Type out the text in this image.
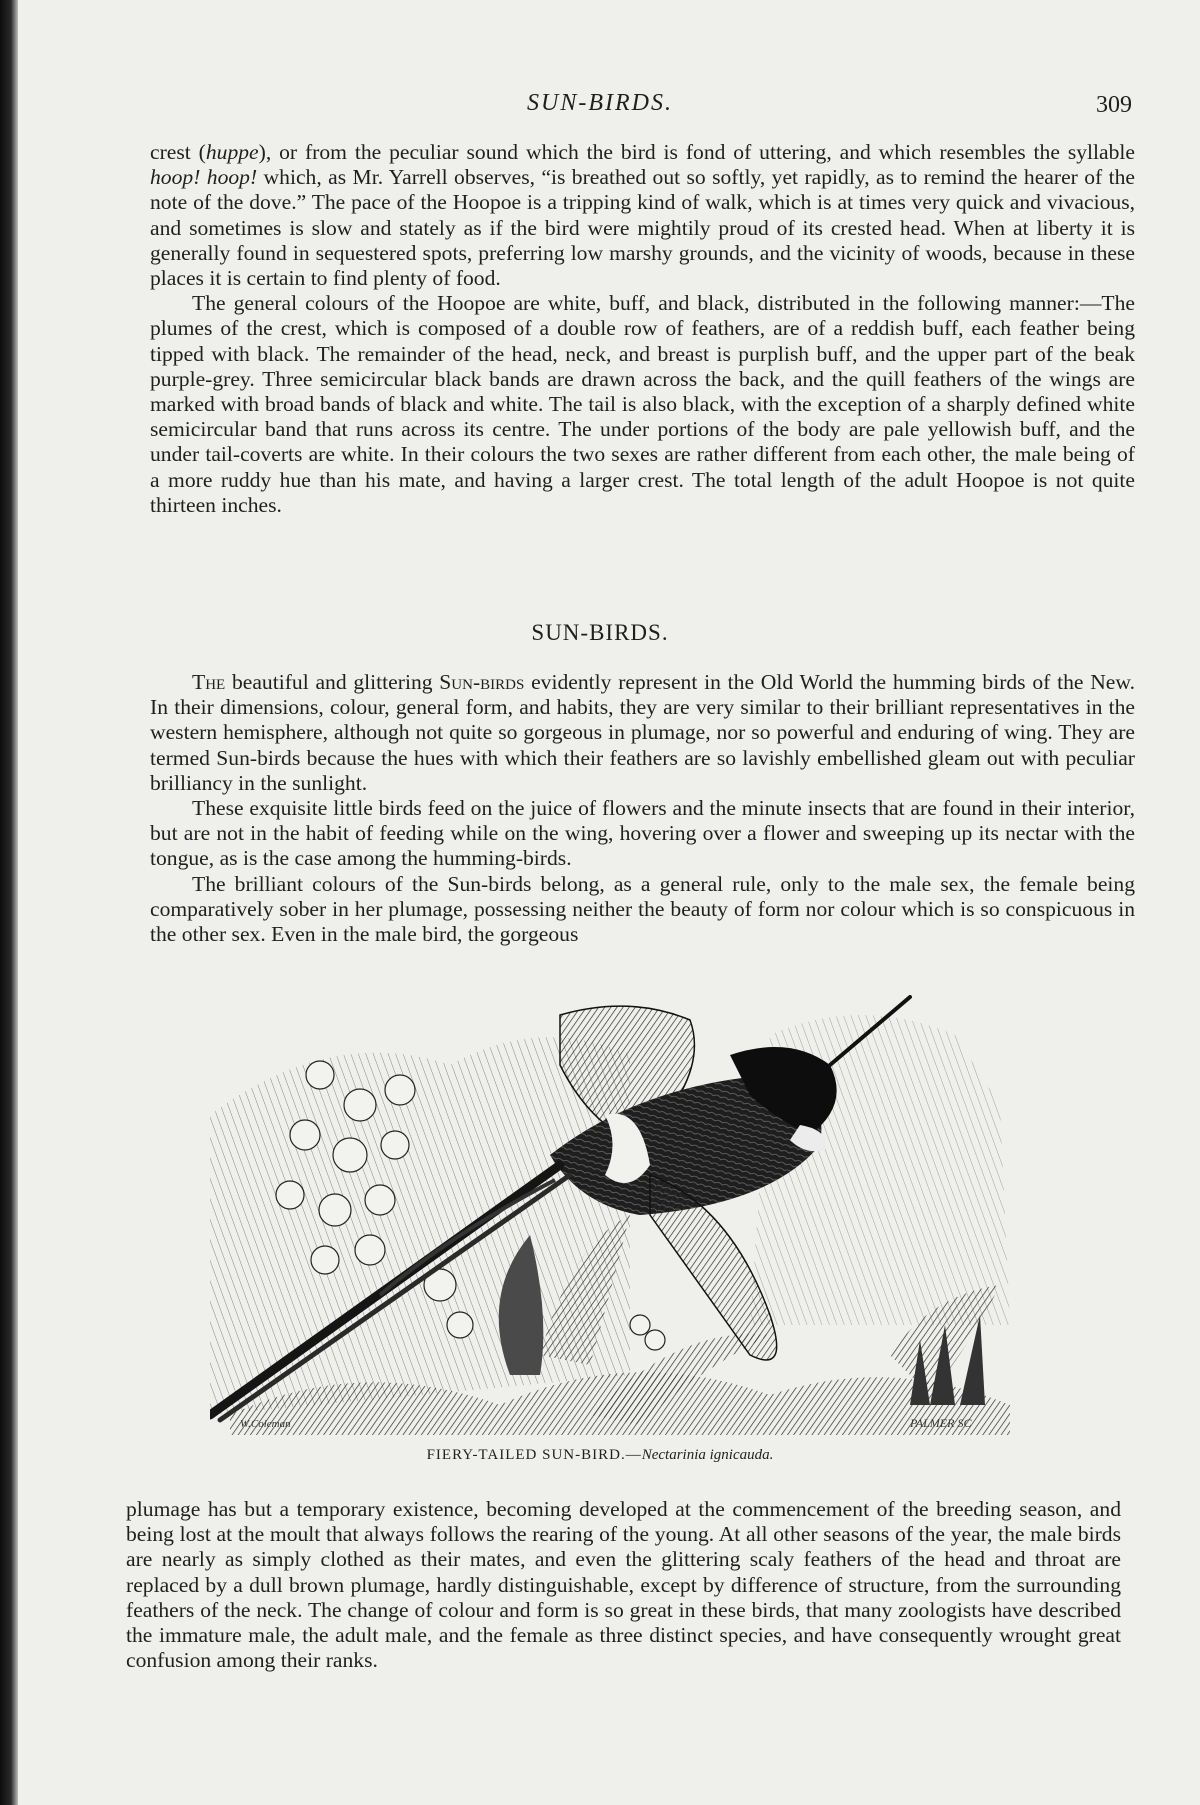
SUN-BIRDS.	309

crest (huppe), or from the peculiar sound which the bird is fond of uttering, and which resembles the syllable hoop! hoop! which, as Mr. Yarrell observes, “is breathed out so softly, yet rapidly, as to remind the hearer of the note of the dove.” The pace of the Hoopoe is a tripping kind of walk, which is at times very quick and vivacious, and sometimes is slow and stately as if the bird were mightily proud of its crested head. When at liberty it is generally found in sequestered spots, preferring low marshy grounds, and the vicinity of woods, because in these places it is certain to find plenty of food.

The general colours of the Hoopoe are white, buff, and black, distributed in the following manner:—The plumes of the crest, which is composed of a double row of feathers, are of a reddish buff, each feather being tipped with black. The remainder of the head, neck, and breast is purplish buff, and the upper part of the beak purple-grey. Three semicircular black bands are drawn across the back, and the quill feathers of the wings are marked with broad bands of black and white. The tail is also black, with the exception of a sharply defined white semicircular band that runs across its centre. The under portions of the body are pale yellowish buff, and the under tail-coverts are white. In their colours the two sexes are rather different from each other, the male being of a more ruddy hue than his mate, and having a larger crest. The total length of the adult Hoopoe is not quite thirteen inches.

SUN-BIRDS.

The beautiful and glittering Sun-birds evidently represent in the Old World the humming birds of the New. In their dimensions, colour, general form, and habits, they are very similar to their brilliant representatives in the western hemisphere, although not quite so gorgeous in plumage, nor so powerful and enduring of wing. They are termed Sun-birds because the hues with which their feathers are so lavishly embellished gleam out with peculiar brilliancy in the sunlight.

These exquisite little birds feed on the juice of flowers and the minute insects that are found in their interior, but are not in the habit of feeding while on the wing, hovering over a flower and sweeping up its nectar with the tongue, as is the case among the humming-birds.

The brilliant colours of the Sun-birds belong, as a general rule, only to the male sex, the female being comparatively sober in her plumage, possessing neither the beauty of form nor colour which is so conspicuous in the other sex. Even in the male bird, the gorgeous

W.Coleman	PALMER SC
FIERY-TAILED SUN-BIRD.—Nectarinia ignicauda.

plumage has but a temporary existence, becoming developed at the commencement of the breeding season, and being lost at the moult that always follows the rearing of the young. At all other seasons of the year, the male birds are nearly as simply clothed as their mates, and even the glittering scaly feathers of the head and throat are replaced by a dull brown plumage, hardly distinguishable, except by difference of structure, from the surrounding feathers of the neck. The change of colour and form is so great in these birds, that many zoologists have described the immature male, the adult male, and the female as three distinct species, and have consequently wrought great confusion among their ranks.
